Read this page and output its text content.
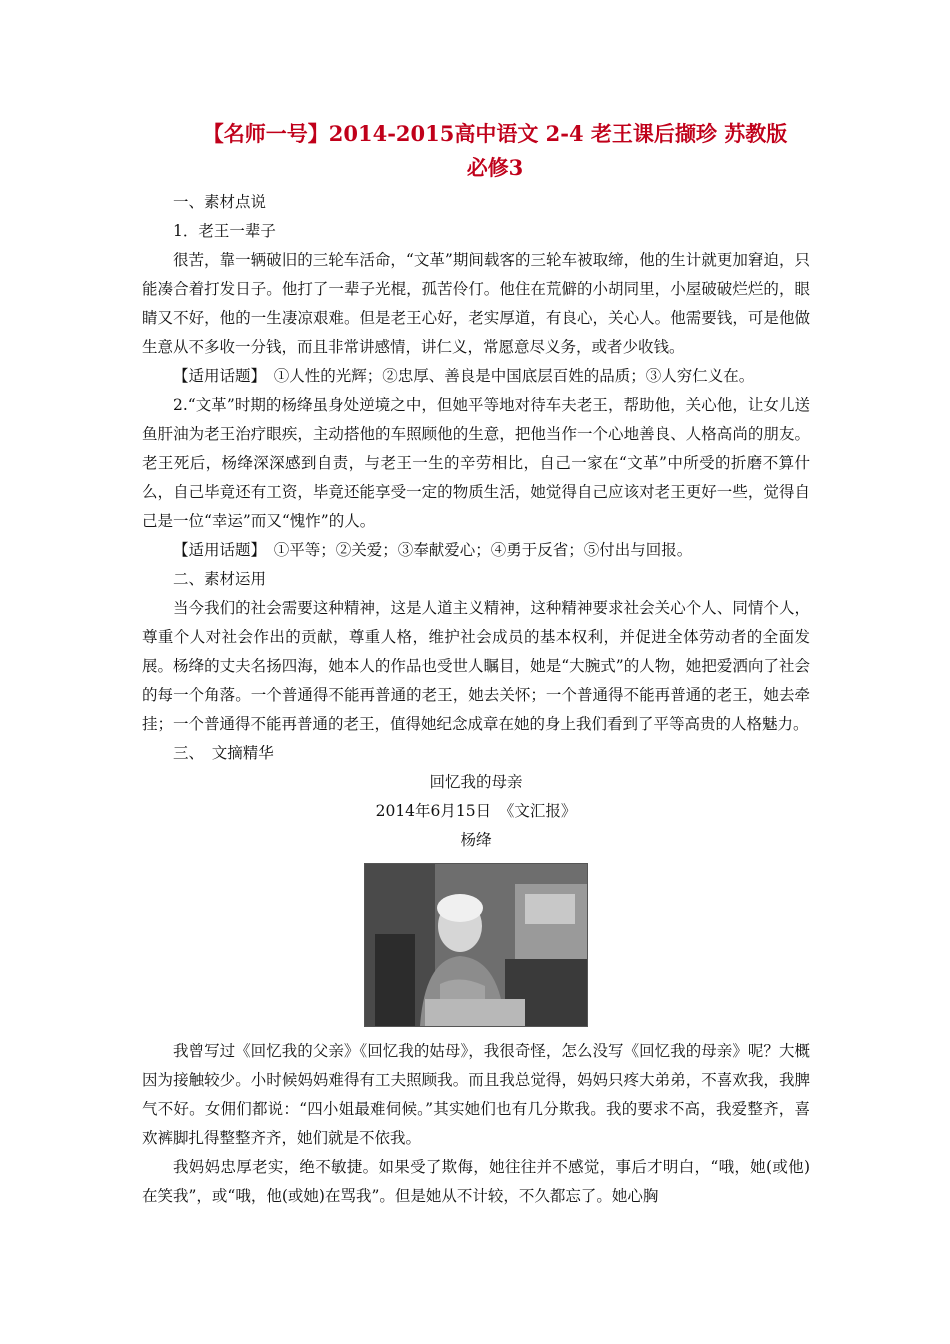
【名师一号】2014-2015高中语文 2-4 老王课后撷珍 苏教版
必修3

一、素材点说

1．老王一辈子

很苦，靠一辆破旧的三轮车活命，“文革”期间载客的三轮车被取缔，他的生计就更加窘迫，只能凑合着打发日子。他打了一辈子光棍，孤苦伶仃。他住在荒僻的小胡同里，小屋破破烂烂的，眼睛又不好，他的一生凄凉艰难。但是老王心好，老实厚道，有良心，关心人。他需要钱，可是他做生意从不多收一分钱，而且非常讲感情，讲仁义，常愿意尽义务，或者少收钱。

【适用话题】　①人性的光辉；②忠厚、善良是中国底层百姓的品质；③人穷仁义在。

2.“文革”时期的杨绛虽身处逆境之中，但她平等地对待车夫老王，帮助他，关心他，让女儿送鱼肝油为老王治疗眼疾，主动搭他的车照顾他的生意，把他当作一个心地善良、人格高尚的朋友。老王死后，杨绛深深感到自责，与老王一生的辛劳相比，自己一家在“文革”中所受的折磨不算什么，自己毕竟还有工资，毕竟还能享受一定的物质生活，她觉得自己应该对老王更好一些，觉得自己是一位“幸运”而又“愧怍”的人。

【适用话题】　①平等；②关爱；③奉献爱心；④勇于反省；⑤付出与回报。

二、素材运用

当今我们的社会需要这种精神，这是人道主义精神，这种精神要求社会关心个人、同情个人，尊重个人对社会作出的贡献，尊重人格，维护社会成员的基本权利，并促进全体劳动者的全面发展。杨绛的丈夫名扬四海，她本人的作品也受世人瞩目，她是“大腕式”的人物，她把爱洒向了社会的每一个角落。一个普通得不能再普通的老王，她去关怀；一个普通得不能再普通的老王，她去牵挂；一个普通得不能再普通的老王，值得她纪念成章在她的身上我们看到了平等高贵的人格魅力。

三、　文摘精华

回忆我的母亲

2014年6月15日　《文汇报》

杨绛

我曾写过《回忆我的父亲》《回忆我的姑母》，我很奇怪，怎么没写《回忆我的母亲》呢？大概因为接触较少。小时候妈妈难得有工夫照顾我。而且我总觉得，妈妈只疼大弟弟，不喜欢我，我脾气不好。女佣们都说：“四小姐最难伺候。”其实她们也有几分欺我。我的要求不高，我爱整齐，喜欢裤脚扎得整整齐齐，她们就是不依我。

我妈妈忠厚老实，绝不敏捷。如果受了欺侮，她往往并不感觉，事后才明白，“哦，她(或他)在笑我”，或“哦，他(或她)在骂我”。但是她从不计较，不久都忘了。她心胸
